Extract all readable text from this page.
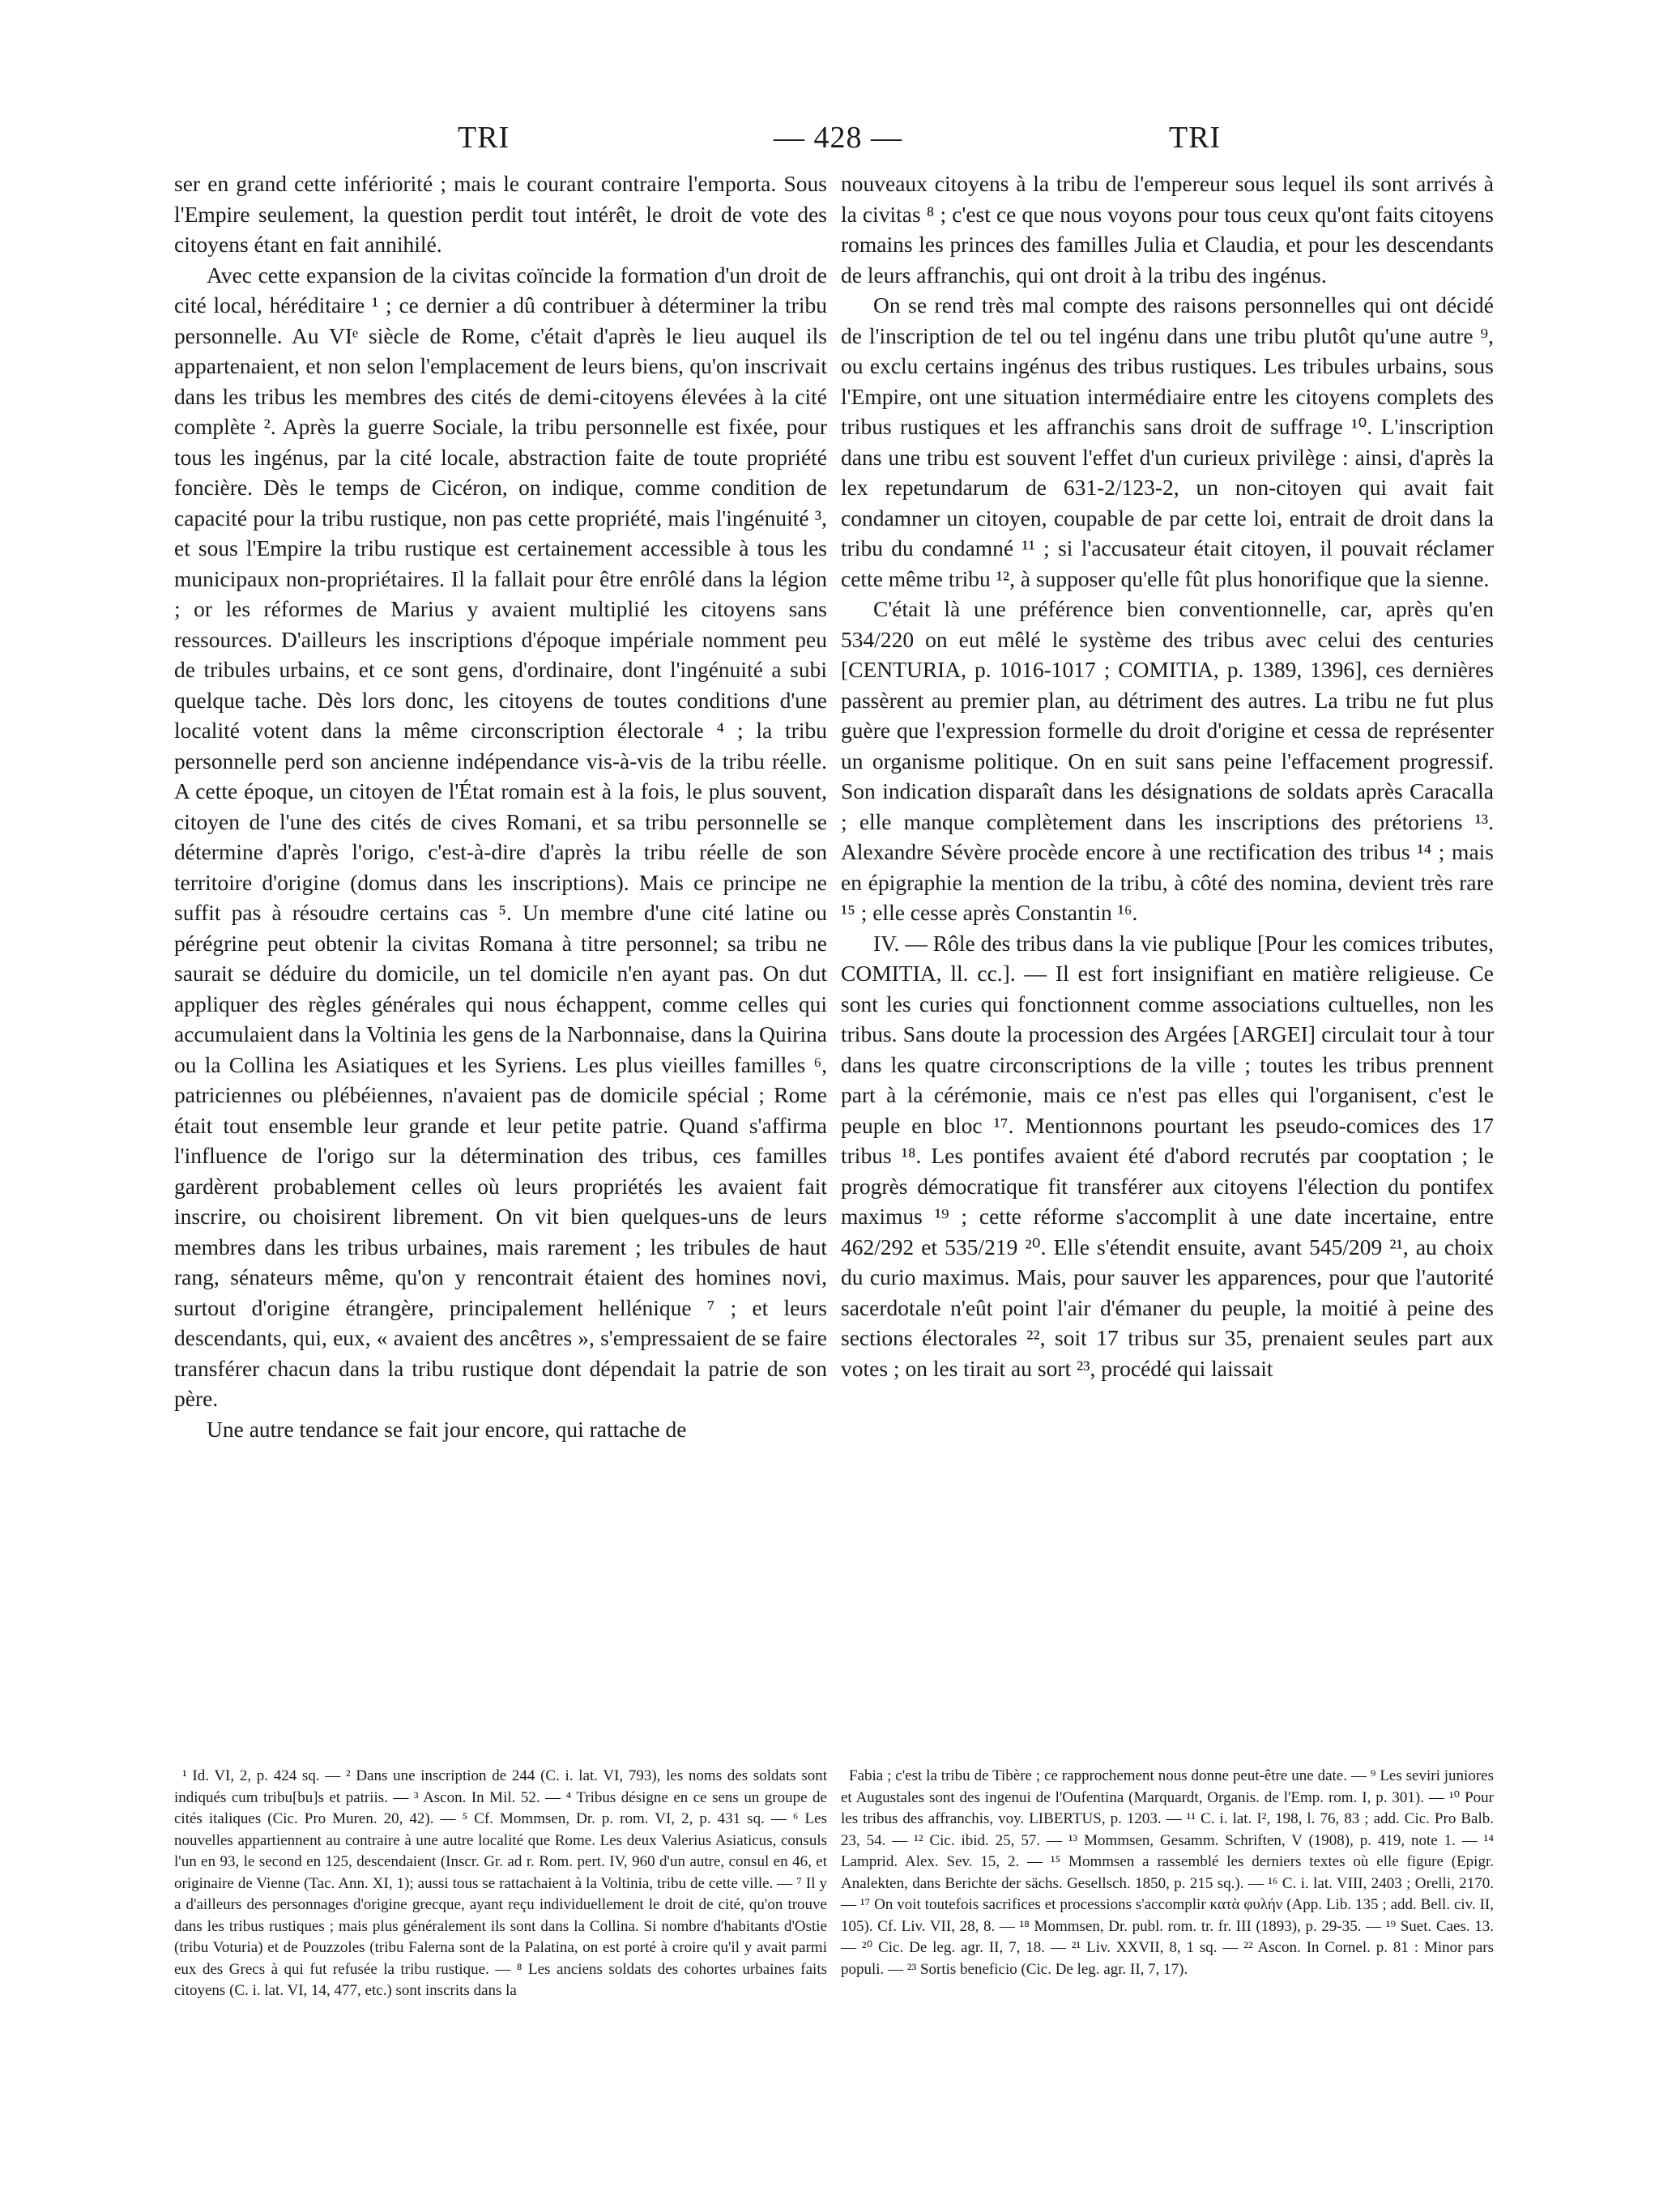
TRI	— 428 —	TRI

ser en grand cette infériorité ; mais le courant contraire l'emporta. Sous l'Empire seulement, la question perdit tout intérêt, le droit de vote des citoyens étant en fait annihilé.

Avec cette expansion de la civitas coïncide la formation d'un droit de cité local, héréditaire ¹ ; ce dernier a dû contribuer à déterminer la tribu personnelle. Au VIᵉ siècle de Rome, c'était d'après le lieu auquel ils appartenaient, et non selon l'emplacement de leurs biens, qu'on inscrivait dans les tribus les membres des cités de demi-citoyens élevées à la cité complète ². Après la guerre Sociale, la tribu personnelle est fixée, pour tous les ingénus, par la cité locale, abstraction faite de toute propriété foncière. Dès le temps de Cicéron, on indique, comme condition de capacité pour la tribu rustique, non pas cette propriété, mais l'ingénuité ³, et sous l'Empire la tribu rustique est certainement accessible à tous les municipaux non-propriétaires. Il la fallait pour être enrôlé dans la légion ; or les réformes de Marius y avaient multiplié les citoyens sans ressources. D'ailleurs les inscriptions d'époque impériale nomment peu de tribules urbains, et ce sont gens, d'ordinaire, dont l'ingénuité a subi quelque tache. Dès lors donc, les citoyens de toutes conditions d'une localité votent dans la même circonscription électorale ⁴ ; la tribu personnelle perd son ancienne indépendance vis-à-vis de la tribu réelle. A cette époque, un citoyen de l'État romain est à la fois, le plus souvent, citoyen de l'une des cités de cives Romani, et sa tribu personnelle se détermine d'après l'origo, c'est-à-dire d'après la tribu réelle de son territoire d'origine (domus dans les inscriptions). Mais ce principe ne suffit pas à résoudre certains cas ⁵. Un membre d'une cité latine ou pérégrine peut obtenir la civitas Romana à titre personnel; sa tribu ne saurait se déduire du domicile, un tel domicile n'en ayant pas. On dut appliquer des règles générales qui nous échappent, comme celles qui accumulaient dans la Voltinia les gens de la Narbonnaise, dans la Quirina ou la Collina les Asiatiques et les Syriens. Les plus vieilles familles ⁶, patriciennes ou plébéiennes, n'avaient pas de domicile spécial ; Rome était tout ensemble leur grande et leur petite patrie. Quand s'affirma l'influence de l'origo sur la détermination des tribus, ces familles gardèrent probablement celles où leurs propriétés les avaient fait inscrire, ou choisirent librement. On vit bien quelques-uns de leurs membres dans les tribus urbaines, mais rarement ; les tribules de haut rang, sénateurs même, qu'on y rencontrait étaient des homines novi, surtout d'origine étrangère, principalement hellénique ⁷ ; et leurs descendants, qui, eux, « avaient des ancêtres », s'empressaient de se faire transférer chacun dans la tribu rustique dont dépendait la patrie de son père.

Une autre tendance se fait jour encore, qui rattache de

nouveaux citoyens à la tribu de l'empereur sous lequel ils sont arrivés à la civitas ⁸ ; c'est ce que nous voyons pour tous ceux qu'ont faits citoyens romains les princes des familles Julia et Claudia, et pour les descendants de leurs affranchis, qui ont droit à la tribu des ingénus.

On se rend très mal compte des raisons personnelles qui ont décidé de l'inscription de tel ou tel ingénu dans une tribu plutôt qu'une autre ⁹, ou exclu certains ingénus des tribus rustiques. Les tribules urbains, sous l'Empire, ont une situation intermédiaire entre les citoyens complets des tribus rustiques et les affranchis sans droit de suffrage ¹⁰. L'inscription dans une tribu est souvent l'effet d'un curieux privilège : ainsi, d'après la lex repetundarum de 631-2/123-2, un non-citoyen qui avait fait condamner un citoyen, coupable de par cette loi, entrait de droit dans la tribu du condamné ¹¹ ; si l'accusateur était citoyen, il pouvait réclamer cette même tribu ¹², à supposer qu'elle fût plus honorifique que la sienne.

C'était là une préférence bien conventionnelle, car, après qu'en 534/220 on eut mêlé le système des tribus avec celui des centuries [CENTURIA, p. 1016-1017 ; COMITIA, p. 1389, 1396], ces dernières passèrent au premier plan, au détriment des autres. La tribu ne fut plus guère que l'expression formelle du droit d'origine et cessa de représenter un organisme politique. On en suit sans peine l'effacement progressif. Son indication disparaît dans les désignations de soldats après Caracalla ; elle manque complètement dans les inscriptions des prétoriens ¹³. Alexandre Sévère procède encore à une rectification des tribus ¹⁴ ; mais en épigraphie la mention de la tribu, à côté des nomina, devient très rare ¹⁵ ; elle cesse après Constantin ¹⁶.

IV. — Rôle des tribus dans la vie publique [Pour les comices tributes, COMITIA, ll. cc.]. — Il est fort insignifiant en matière religieuse. Ce sont les curies qui fonctionnent comme associations cultuelles, non les tribus. Sans doute la procession des Argées [ARGEI] circulait tour à tour dans les quatre circonscriptions de la ville ; toutes les tribus prennent part à la cérémonie, mais ce n'est pas elles qui l'organisent, c'est le peuple en bloc ¹⁷. Mentionnons pourtant les pseudo-comices des 17 tribus ¹⁸. Les pontifes avaient été d'abord recrutés par cooptation ; le progrès démocratique fit transférer aux citoyens l'élection du pontifex maximus ¹⁹ ; cette réforme s'accomplit à une date incertaine, entre 462/292 et 535/219 ²⁰. Elle s'étendit ensuite, avant 545/209 ²¹, au choix du curio maximus. Mais, pour sauver les apparences, pour que l'autorité sacerdotale n'eût point l'air d'émaner du peuple, la moitié à peine des sections électorales ²², soit 17 tribus sur 35, prenaient seules part aux votes ; on les tirait au sort ²³, procédé qui laissait

¹ Id. VI, 2, p. 424 sq. — ² Dans une inscription de 244 (C. i. lat. VI, 793), les noms des soldats sont indiqués cum tribu[bu]s et patriis. — ³ Ascon. In Mil. 52. — ⁴ Tribus désigne en ce sens un groupe de cités italiques (Cic. Pro Muren. 20, 42). — ⁵ Cf. Mommsen, Dr. p. rom. VI, 2, p. 431 sq. — ⁶ Les nouvelles appartiennent au contraire à une autre localité que Rome. Les deux Valerius Asiaticus, consuls l'un en 93, le second en 125, descendaient (Inscr. Gr. ad r. Rom. pert. IV, 960 d'un autre, consul en 46, et originaire de Vienne (Tac. Ann. XI, 1); aussi tous se rattachaient à la Voltinia, tribu de cette ville. — ⁷ Il y a d'ailleurs des personnages d'origine grecque, ayant reçu individuellement le droit de cité, qu'on trouve dans les tribus rustiques ; mais plus généralement ils sont dans la Collina. Si nombre d'habitants d'Ostie (tribu Voturia) et de Pouzzoles (tribu Falerna sont de la Palatina, on est porté à croire qu'il y avait parmi eux des Grecs à qui fut refusée la tribu rustique. — ⁸ Les anciens soldats des cohortes urbaines faits citoyens (C. i. lat. VI, 14, 477, etc.) sont inscrits dans la

Fabia ; c'est la tribu de Tibère ; ce rapprochement nous donne peut-être une date. — ⁹ Les seviri juniores et Augustales sont des ingenui de l'Oufentina (Marquardt, Organis. de l'Emp. rom. I, p. 301). — ¹⁰ Pour les tribus des affranchis, voy. LIBERTUS, p. 1203. — ¹¹ C. i. lat. I², 198, l. 76, 83 ; add. Cic. Pro Balb. 23, 54. — ¹² Cic. ibid. 25, 57. — ¹³ Mommsen, Gesamm. Schriften, V (1908), p. 419, note 1. — ¹⁴ Lamprid. Alex. Sev. 15, 2. — ¹⁵ Mommsen a rassemblé les derniers textes où elle figure (Epigr. Analekten, dans Berichte der sächs. Gesellsch. 1850, p. 215 sq.). — ¹⁶ C. i. lat. VIII, 2403 ; Orelli, 2170. — ¹⁷ On voit toutefois sacrifices et processions s'accomplir κατὰ φυλήν (App. Lib. 135 ; add. Bell. civ. II, 105). Cf. Liv. VII, 28, 8. — ¹⁸ Mommsen, Dr. publ. rom. tr. fr. III (1893), p. 29-35. — ¹⁹ Suet. Caes. 13. — ²⁰ Cic. De leg. agr. II, 7, 18. — ²¹ Liv. XXVII, 8, 1 sq. — ²² Ascon. In Cornel. p. 81 : Minor pars populi. — ²³ Sortis beneficio (Cic. De leg. agr. II, 7, 17).
